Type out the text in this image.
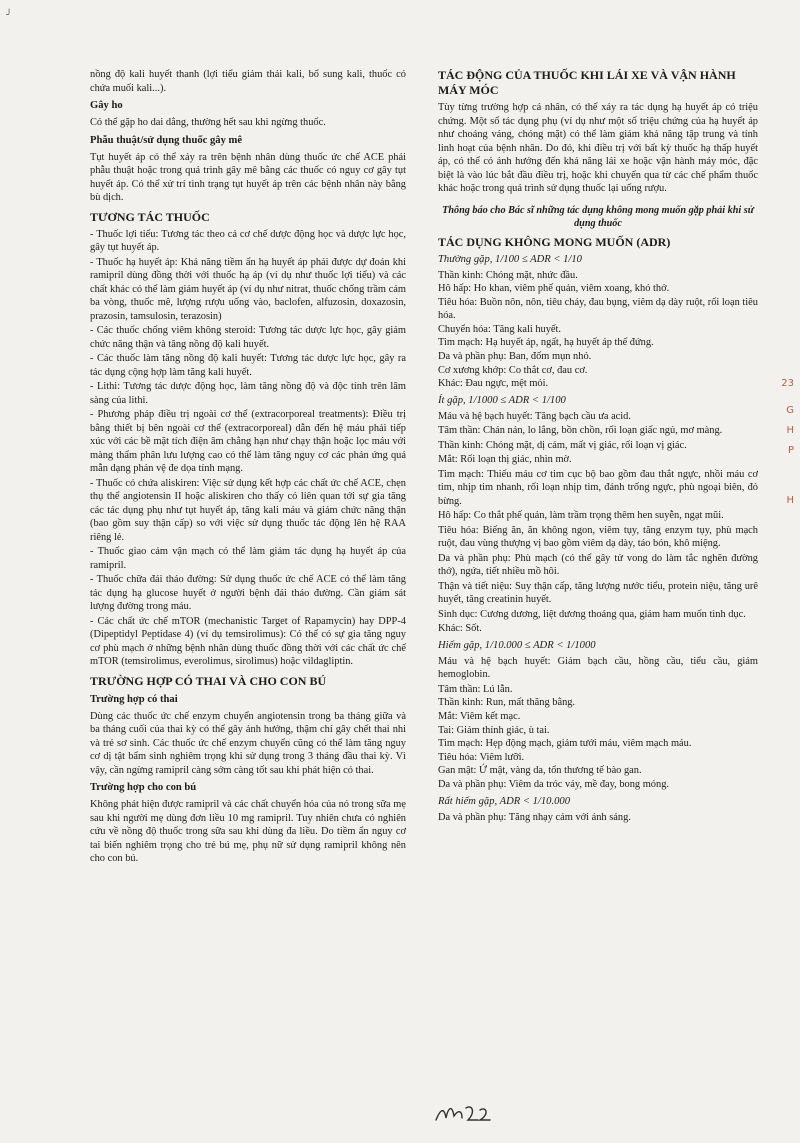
╯

nồng độ kali huyết thanh (lợi tiểu giảm thải kali, bổ sung kali, thuốc có chứa muối kali...).

Gây ho

Có thể gặp ho dai dẳng, thường hết sau khi ngừng thuốc.

Phẫu thuật/sử dụng thuốc gây mê

Tụt huyết áp có thể xảy ra trên bệnh nhân dùng thuốc ức chế ACE phải phẫu thuật hoặc trong quá trình gây mê bằng các thuốc có nguy cơ gây tụt huyết áp. Có thể xử trí tình trạng tụt huyết áp trên các bệnh nhân này bằng bù dịch.

TƯƠNG TÁC THUỐC

- Thuốc lợi tiểu: Tương tác theo cả cơ chế dược động học và dược lực học, gây tụt huyết áp.

- Thuốc hạ huyết áp: Khả năng tiềm ẩn hạ huyết áp phải được dự đoán khi ramipril dùng đồng thời với thuốc hạ áp (ví dụ như thuốc lợi tiểu) và các chất khác có thể làm giảm huyết áp (ví dụ như nitrat, thuốc chống trầm cảm ba vòng, thuốc mê, lượng rượu uống vào, baclofen, alfuzosin, doxazosin, prazosin, tamsulosin, terazosin)

- Các thuốc chống viêm không steroid: Tương tác dược lực học, gây giảm chức năng thận và tăng nồng độ kali huyết.

- Các thuốc làm tăng nồng độ kali huyết: Tương tác dược lực học, gây ra tác dụng cộng hợp làm tăng kali huyết.

- Lithi: Tương tác dược động học, làm tăng nồng độ và độc tính trên lâm sàng của lithi.

- Phương pháp điều trị ngoài cơ thể (extracorporeal treatments): Điều trị bằng thiết bị bên ngoài cơ thể (extracorporeal) dẫn đến hệ máu phải tiếp xúc với các bề mặt tích điện âm chẳng hạn như chạy thận hoặc lọc máu với màng thẩm phân lưu lượng cao có thể làm tăng nguy cơ các phản ứng quá mẫn dạng phản vệ đe dọa tính mạng.

- Thuốc có chứa aliskiren: Việc sử dụng kết hợp các chất ức chế ACE, chẹn thụ thể angiotensin II hoặc aliskiren cho thấy có liên quan tới sự gia tăng các tác dụng phụ như tụt huyết áp, tăng kali máu và giảm chức năng thận (bao gồm suy thận cấp) so với việc sử dụng thuốc tác động lên hệ RAA riêng lẻ.

- Thuốc giao cảm vận mạch có thể làm giảm tác dụng hạ huyết áp của ramipril.

- Thuốc chữa đái tháo đường: Sử dụng thuốc ức chế ACE có thể làm tăng tác dụng hạ glucose huyết ở người bệnh đái tháo đường. Cần giám sát lượng đường trong máu.

- Các chất ức chế mTOR (mechanistic Target of Rapamycin) hay DPP-4 (Dipeptidyl Peptidase 4) (ví dụ temsirolimus): Có thể có sự gia tăng nguy cơ phù mạch ở những bệnh nhân dùng thuốc đồng thời với các chất ức chế mTOR (temsirolimus, everolimus, sirolimus) hoặc vildagliptin.

TRƯỜNG HỢP CÓ THAI VÀ CHO CON BÚ
Trường hợp có thai

Dùng các thuốc ức chế enzym chuyển angiotensin trong ba tháng giữa và ba tháng cuối của thai kỳ có thể gây ảnh hưởng, thậm chí gây chết thai nhi và trẻ sơ sinh. Các thuốc ức chế enzym chuyển cũng có thể làm tăng nguy cơ dị tật bẩm sinh nghiêm trọng khi sử dụng trong 3 tháng đầu thai kỳ. Vì vậy, cần ngừng ramipril càng sớm càng tốt sau khi phát hiện có thai.

Trường hợp cho con bú

Không phát hiện được ramipril và các chất chuyển hóa của nó trong sữa mẹ sau khi người mẹ dùng đơn liều 10 mg ramipril. Tuy nhiên chưa có nghiên cứu về nồng độ thuốc trong sữa sau khi dùng đa liều. Do tiềm ẩn nguy cơ tai biến nghiêm trọng cho trẻ bú mẹ, phụ nữ sử dụng ramipril không nên cho con bú.

TÁC ĐỘNG CỦA THUỐC KHI LÁI XE VÀ VẬN HÀNH MÁY MÓC

Tùy từng trường hợp cá nhân, có thể xảy ra tác dụng hạ huyết áp có triệu chứng. Một số tác dụng phụ (ví dụ như một số triệu chứng của hạ huyết áp như choáng váng, chóng mặt) có thể làm giảm khả năng tập trung và tính linh hoạt của bệnh nhân. Do đó, khi điều trị với bất kỳ thuốc hạ thấp huyết áp, có thể có ảnh hưởng đến khả năng lái xe hoặc vận hành máy móc, đặc biệt là vào lúc bắt đầu điều trị, hoặc khi chuyển qua từ các chế phẩm thuốc khác hoặc trong quá trình sử dụng thuốc lại uống rượu.

Thông báo cho Bác sĩ những tác dụng không mong muốn gặp phải khi sử dụng thuốc
TÁC DỤNG KHÔNG MONG MUỐN (ADR)
Thường gặp, 1/100 ≤ ADR < 1/10

Thần kinh: Chóng mặt, nhức đầu.

Hô hấp: Ho khan, viêm phế quản, viêm xoang, khó thở.

Tiêu hóa: Buồn nôn, nôn, tiêu chảy, đau bụng, viêm dạ dày ruột, rối loạn tiêu hóa.

Chuyển hóa: Tăng kali huyết.

Tim mạch: Hạ huyết áp, ngất, hạ huyết áp thế đứng.

Da và phần phụ: Ban, đốm mụn nhỏ.

Cơ xương khớp: Co thắt cơ, đau cơ.

Khác: Đau ngực, mệt mỏi.

Ít gặp, 1/1000 ≤ ADR < 1/100

Máu và hệ bạch huyết: Tăng bạch cầu ưa acid.

Tâm thần: Chán nản, lo lắng, bồn chồn, rối loạn giấc ngủ, mơ màng.

Thần kinh: Chóng mặt, dị cảm, mất vị giác, rối loạn vị giác.

Mắt: Rối loạn thị giác, nhìn mờ.

Tim mạch: Thiếu máu cơ tim cục bộ bao gồm đau thắt ngực, nhồi máu cơ tim, nhịp tim nhanh, rối loạn nhịp tim, đánh trống ngực, phù ngoại biên, đỏ bừng.

Hô hấp: Co thắt phế quản, làm trầm trọng thêm hen suyễn, ngạt mũi.

Tiêu hóa: Biếng ăn, ăn không ngon, viêm tụy, tăng enzym tụy, phù mạch ruột, đau vùng thượng vị bao gồm viêm dạ dày, táo bón, khô miệng.

Da và phần phụ: Phù mạch (có thể gây tử vong do làm tắc nghẽn đường thở), ngứa, tiết nhiều mồ hôi.

Thận và tiết niệu: Suy thận cấp, tăng lượng nước tiểu, protein niệu, tăng urê huyết, tăng creatinin huyết.

Sinh dục: Cương dương, liệt dương thoáng qua, giảm ham muốn tình dục.

Khác: Sốt.

Hiếm gặp, 1/10.000 ≤ ADR < 1/1000

Máu và hệ bạch huyết: Giảm bạch cầu, hồng cầu, tiểu cầu, giảm hemoglobin.

Tâm thần: Lú lẫn.

Thần kinh: Run, mất thăng bằng.

Mắt: Viêm kết mạc.

Tai: Giảm thính giác, ù tai.

Tim mạch: Hẹp động mạch, giảm tưới máu, viêm mạch máu.

Tiêu hóa: Viêm lưỡi.

Gan mật: Ứ mật, vàng da, tổn thương tế bào gan.

Da và phần phụ: Viêm da tróc vảy, mề đay, bong móng.

Rất hiếm gặp, ADR < 1/10.000

Da và phần phụ: Tăng nhạy cảm với ánh sáng.

23
G
H
P
H
